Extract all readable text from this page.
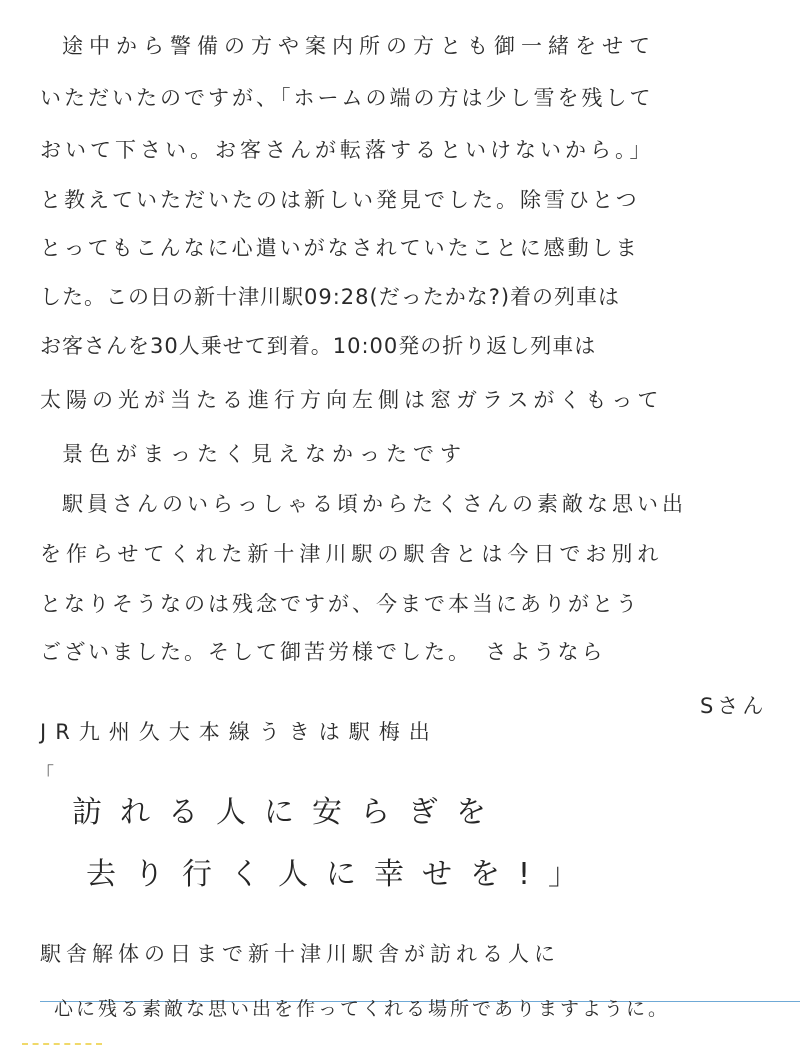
途中から警備の方や案内所の方とも御一緒をせて
いただいたのですが、「ホームの端の方は少し雪を残して
おいて下さい。お客さんが転落するといけないから。」
と教えていただいたのは新しい発見でした。除雪ひとつ
とってもこんなに心遣いがなされていたことに感動しま
した。この日の新十津川駅09:28(だったかな?)着の列車は
お客さんを30人乗せて到着。10:00発の折り返し列車は
太陽の光が当たる進行方向左側は窓ガラスがくもって
景色がまったく見えなかったです
駅員さんのいらっしゃる頃からたくさんの素敵な思い出
を作らせてくれた新十津川駅の駅舎とは今日でお別れ
となりそうなのは残念ですが、今まで本当にありがとう
ございました。そして御苦労様でした。　さようなら
Sさん
JR九州久大本線うきは駅梅出
「
訪れる人に安らぎを
去り行く人に幸せを!」
駅舎解体の日まで新十津川駅舎が訪れる人に
心に残る素敵な思い出を作ってくれる場所でありますように。
